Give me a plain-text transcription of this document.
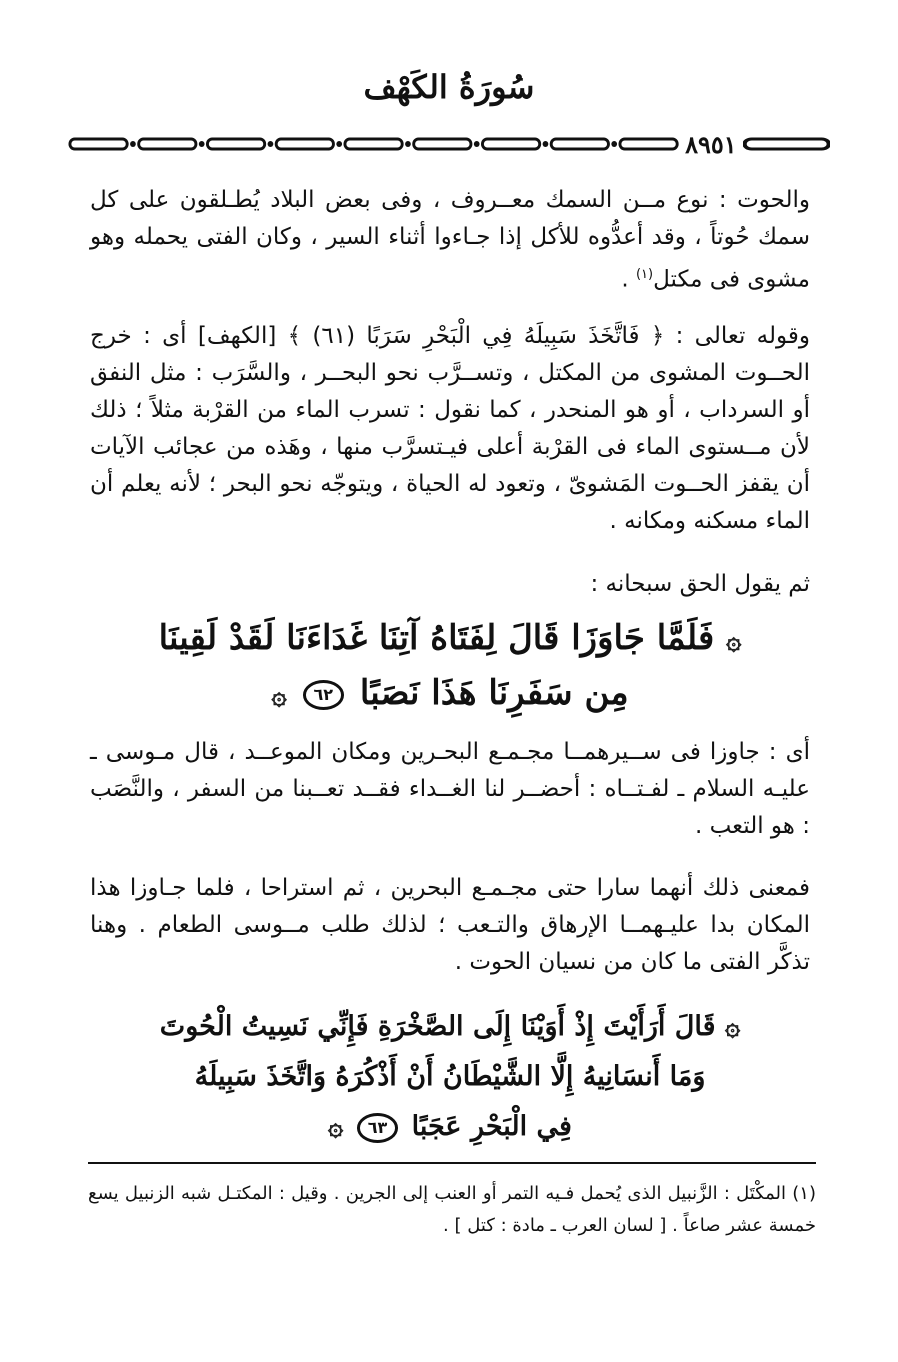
سُورَةُ الكَهْف
٨٩٥١

والحوت : نوع مــن السمك معــروف ، وفى بعض البلاد يُطـلقون على كل سمك حُوتاً ، وقد أعدُّوه للأكل إذا جـاءوا أثناء السير ، وكان الفتى يحمله وهو مشوى فى مكتل$^{(١)}$ .

وقوله تعالى : ﴿ فَاتَّخَذَ سَبِيلَهُ فِي الْبَحْرِ سَرَبًا (٦١) ﴾ [الكهف] أى : خرج الحــوت المشوى من المكتل ، وتســرَّب نحو البحــر ، والسَّرَب : مثل النفق أو السرداب ، أو هو المنحدر ، كما نقول : تسرب الماء من القرْبة مثلاً ؛ ذلك لأن مــستوى الماء فى القرْبة أعلى فيـتسرَّب منها ، وهَذه من عجائب الآيات أن يقفز الحــوت المَشوىّ ، وتعود له الحياة ، ويتوجّه نحو البحر ؛ لأنه يعلم أن الماء مسكنه ومكانه .

ثم يقول الحق سبحانه :

۞ فَلَمَّا جَاوَزَا قَالَ لِفَتَاهُ آتِنَا غَدَاءَنَا لَقَدْ لَقِينَا
مِن سَفَرِنَا هَذَا نَصَبًا ٦٢ ۞

أى : جاوزا فى ســيرهمــا مجـمـع البحـرين ومكان الموعــد ، قال مـوسى ـ عليـه السلام ـ لفـتــاه : أحضــر لنا الغــداء فقــد تعــبنا من السفر ، والنَّصَب : هو التعب .

فمعنى ذلك أنهما سارا حتى مجـمـع البحرين ، ثم استراحا ، فلما جـاوزا هذا المكان بدا عليـهمــا الإرهاق والتـعب ؛ لذلك طلب مــوسى الطعام . وهنا تذكَّر الفتى ما كان من نسيان الحوت .

۞ قَالَ أَرَأَيْتَ إِذْ أَوَيْنَا إِلَى الصَّخْرَةِ فَإِنِّي نَسِيتُ الْحُوتَ
وَمَا أَنسَانِيهُ إِلَّا الشَّيْطَانُ أَنْ أَذْكُرَهُ وَاتَّخَذَ سَبِيلَهُ
فِي الْبَحْرِ عَجَبًا ٦٣ ۞

(١) المكْتَل : الزَّنبيل الذى يُحمل فـيه التمر أو العنب إلى الجرين . وقيل : المكتـل شبه الزنبيل يسع خمسة عشر صاعاً . [ لسان العرب ـ مادة : كتل ] .
